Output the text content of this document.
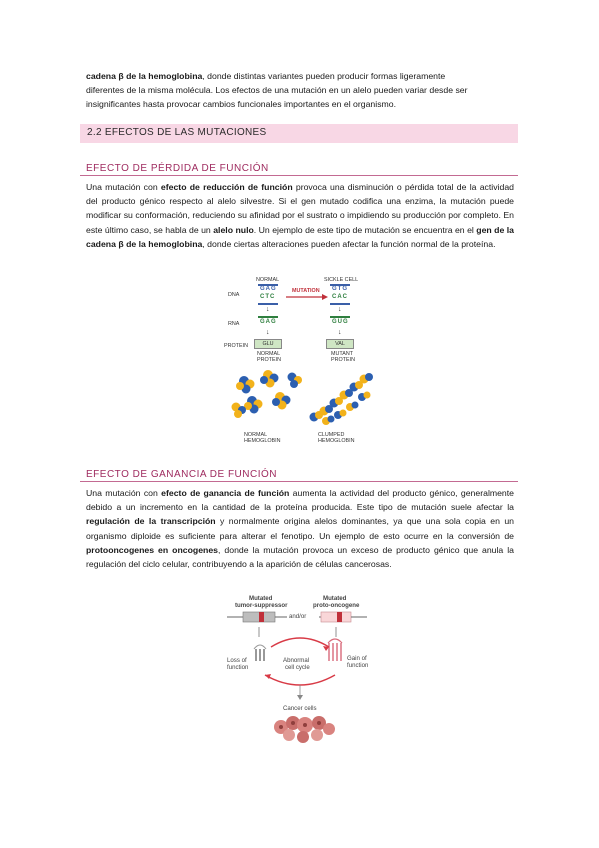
cadena β de la hemoglobina, donde distintas variantes pueden producir formas ligeramente

diferentes de la misma molécula. Los efectos de una mutación en un alelo pueden variar desde ser

insignificantes hasta provocar cambios funcionales importantes en el organismo.

2.2 EFECTOS DE LAS MUTACIONES
EFECTO DE PÉRDIDA DE FUNCIÓN
Una mutación con efecto de reducción de función provoca una disminución o pérdida total de la actividad del producto génico respecto al alelo silvestre. Si el gen mutado codifica una enzima, la mutación puede modificar su conformación, reduciendo su afinidad por el sustrato o impidiendo su producción por completo. En este último caso, se habla de un alelo nulo. Un ejemplo de este tipo de mutación se encuentra en el gen de la cadena β de la hemoglobina, donde ciertas alteraciones pueden afectar la función normal de la proteína.
NORMAL	SICKLE CELL
DNA
RNA
PROTEIN
GAG
CTC
MUTATION GTG
CAC
↓	↓
GAG	GUG
↓	↓
GLU	VAL
NORMAL
PROTEIN
MUTANT
PROTEIN
NORMAL
HEMOGLOBIN
CLUMPED
HEMOGLOBIN
EFECTO DE GANANCIA DE FUNCIÓN
Una mutación con efecto de ganancia de función aumenta la actividad del producto génico, generalmente debido a un incremento en la cantidad de la proteína producida. Este tipo de mutación suele afectar la regulación de la transcripción y normalmente origina alelos dominantes, ya que una sola copia en un organismo diploide es suficiente para alterar el fenotipo. Un ejemplo de esto ocurre en la conversión de protooncogenes en oncogenes, donde la mutación provoca un exceso de producto génico que anula la regulación del ciclo celular, contribuyendo a la aparición de células cancerosas.
Mutated
tumor-suppressor
Mutated
proto-oncogene
and/or
Loss of
function
Abnormal
cell cycle
Gain of
function
Cancer cells
